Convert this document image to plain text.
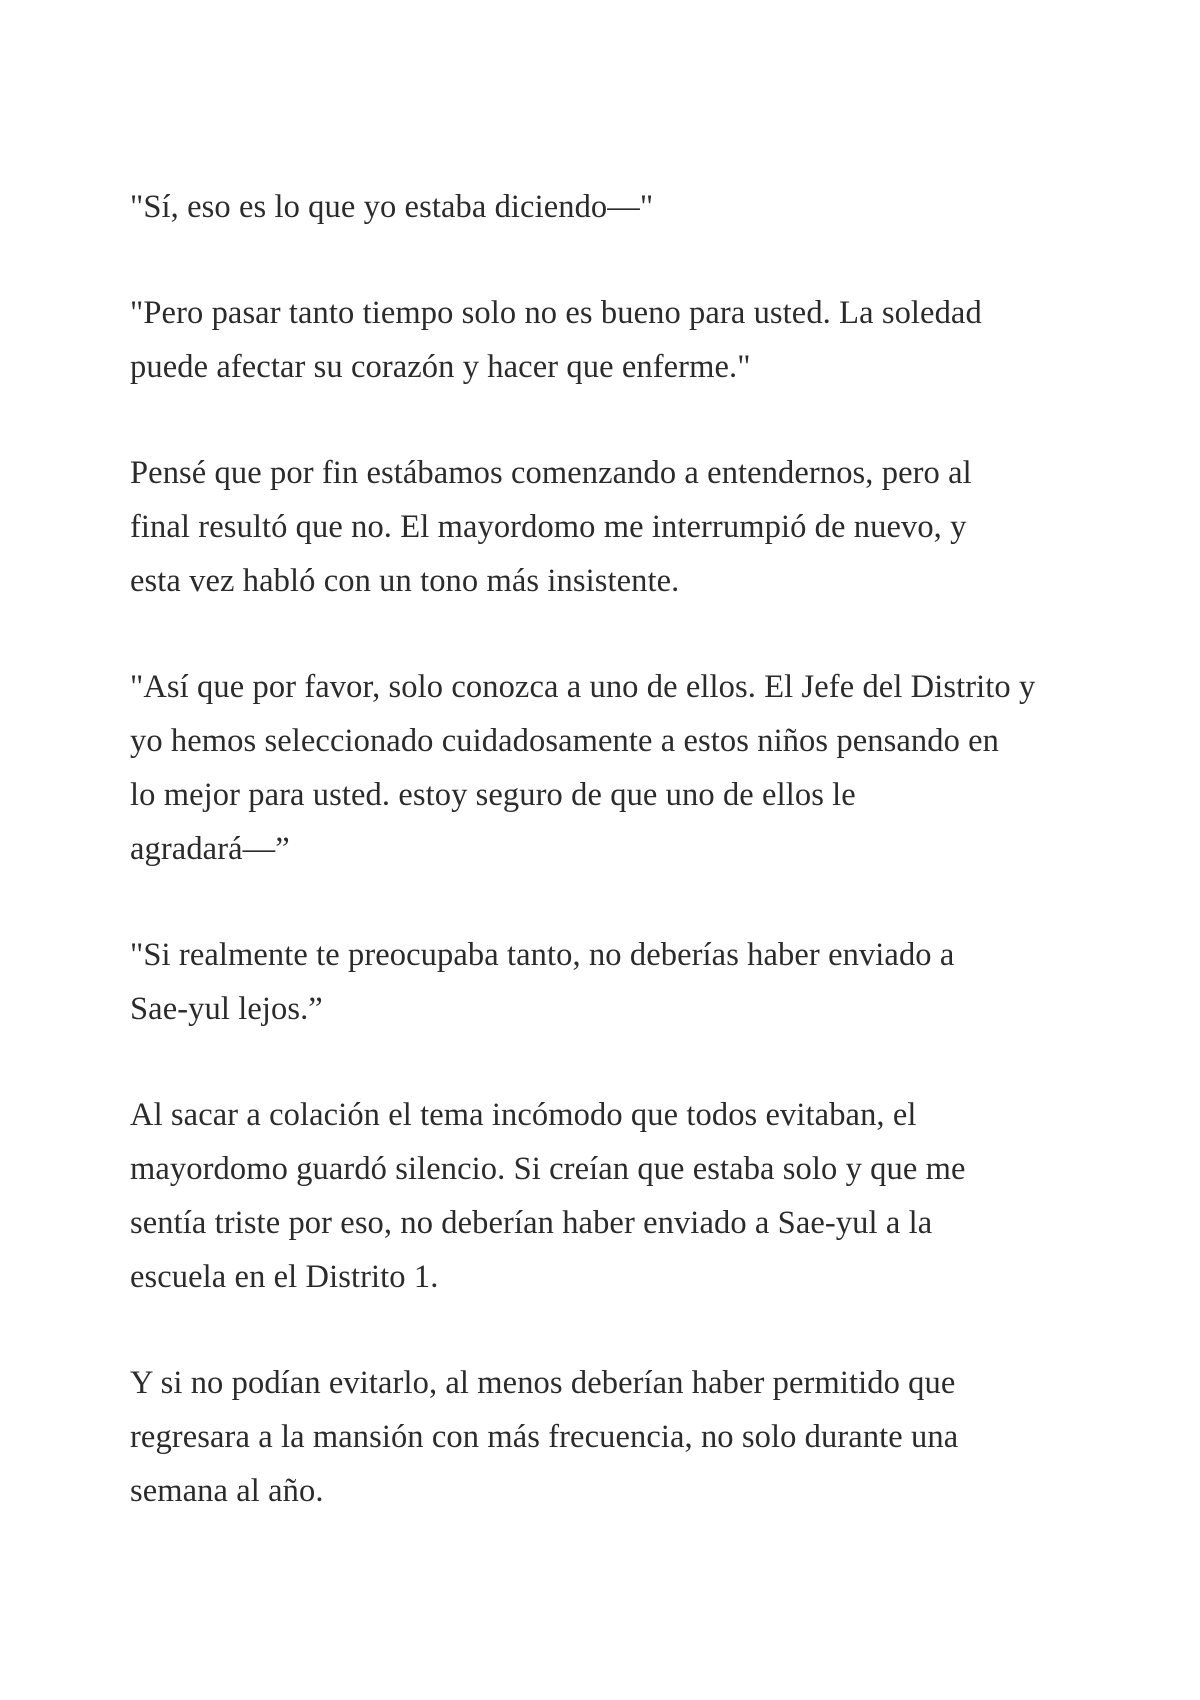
"Sí, eso es lo que yo estaba diciendo—"

"Pero pasar tanto tiempo solo no es bueno para usted. La soledad
puede afectar su corazón y hacer que enferme."

Pensé que por fin estábamos comenzando a entendernos, pero al
final resultó que no. El mayordomo me interrumpió de nuevo, y
esta vez habló con un tono más insistente.

"Así que por favor, solo conozca a uno de ellos. El Jefe del Distrito y
yo hemos seleccionado cuidadosamente a estos niños pensando en
lo mejor para usted. estoy seguro de que uno de ellos le
agradará—”

"Si realmente te preocupaba tanto, no deberías haber enviado a
Sae-yul lejos.”

Al sacar a colación el tema incómodo que todos evitaban, el
mayordomo guardó silencio. Si creían que estaba solo y que me
sentía triste por eso, no deberían haber enviado a Sae-yul a la
escuela en el Distrito 1.

Y si no podían evitarlo, al menos deberían haber permitido que
regresara a la mansión con más frecuencia, no solo durante una
semana al año.
